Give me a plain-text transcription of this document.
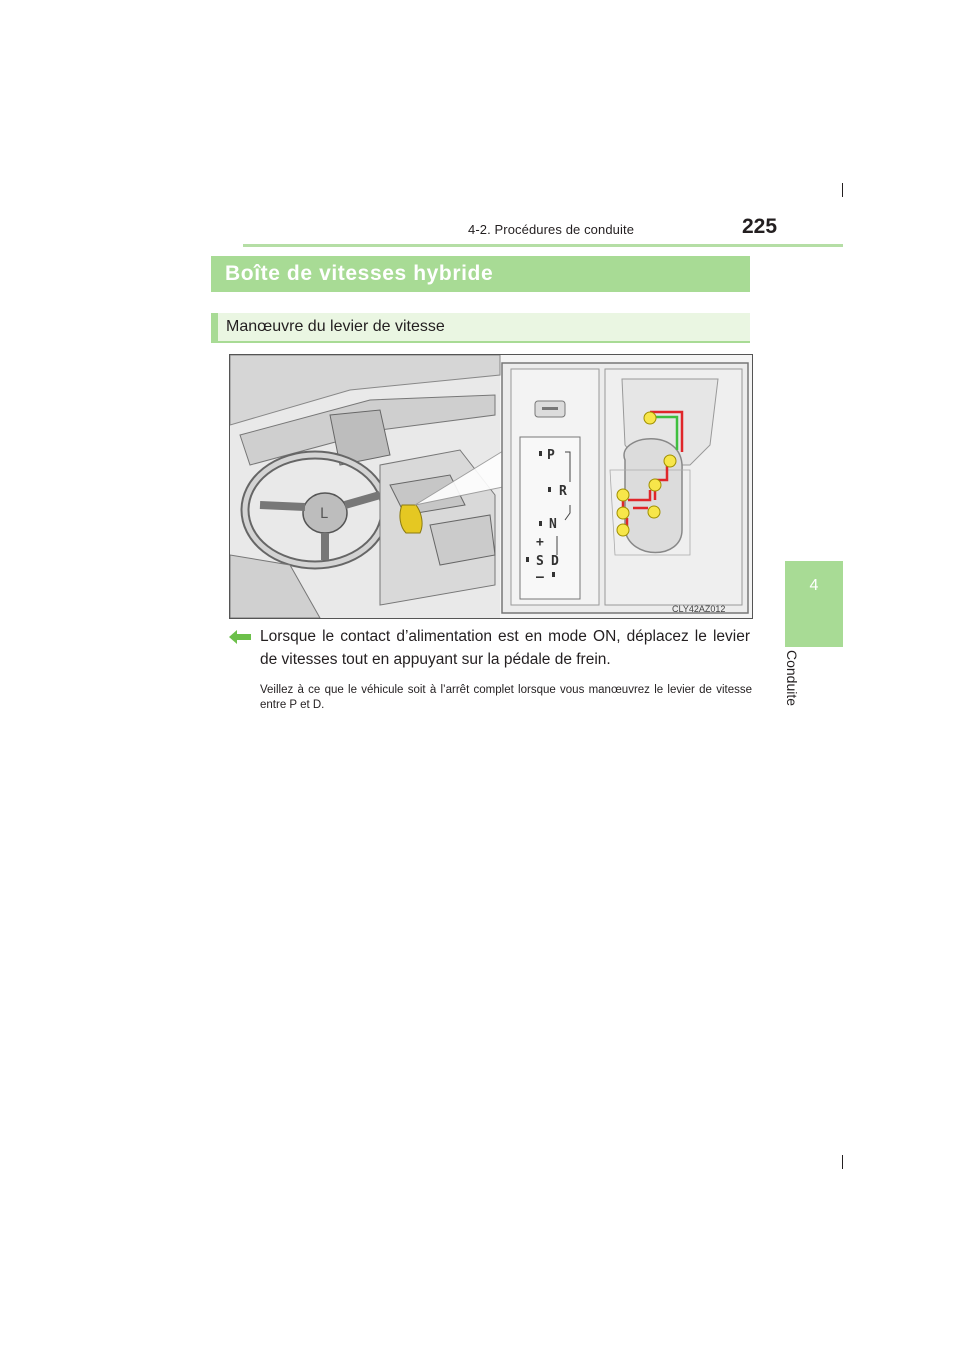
4-2. Procédures de conduite	225
4
Conduite
Boîte de vitesses hybride
Manœuvre du levier de vitesse
L
P
R
N
+
S D
–
CLY42AZ012
Lorsque le contact d’alimentation est en mode ON, déplacez le levier de vitesses tout en appuyant sur la pédale de frein.
Veillez à ce que le véhicule soit à l’arrêt complet lorsque vous manœuvrez le levier de vitesse entre P et D.
